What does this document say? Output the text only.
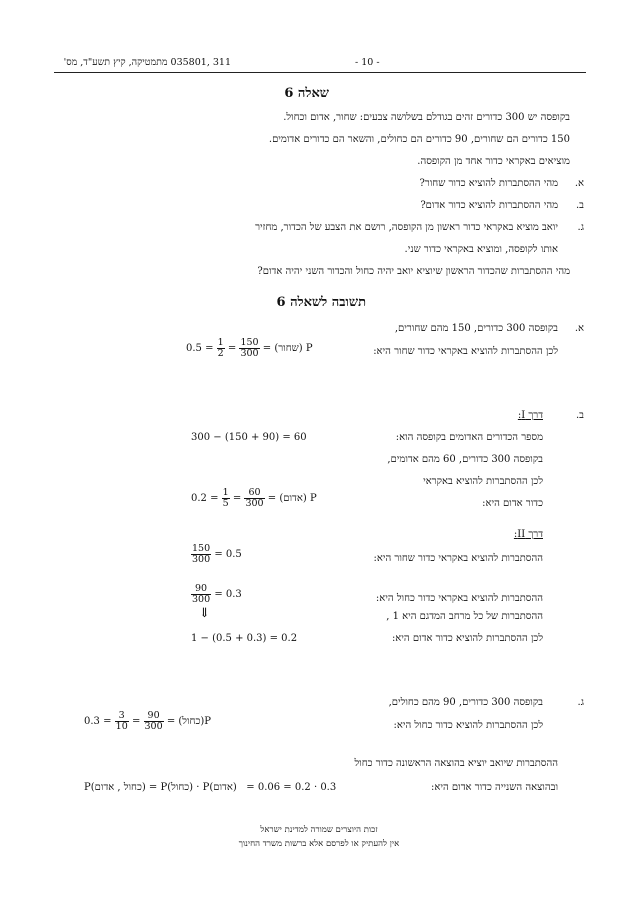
311 ,035801 מתמטיקה, קיץ תשע"ד, מס'	- 10 -
שאלה 6
בקופסה יש 300 כדורים זהים בגודלם בשלושה צבעים: שחור, אדום וכחול.
150 כדורים הם שחורים, 90 כדורים הם כחולים, והשאר הם כדורים אדומים.
מוציאים באקראי כדור אחד מן הקופסה.
א.
מהי ההסתברות להוציא כדור שחור?
ב.
מהי ההסתברות להוציא כדור אדום?
ג.
יואב מוציא באקראי כדור ראשון מן הקופסה, רושם את הצבע של הכדור, מחזיר
אותו לקופסה, ומוציא באקראי כדור שני.
מהי ההסתברות שהכדור הראשון שיוציא יואב יהיה כחול והכדור השני יהיה אדום?
תשובה לשאלה 6
א.
בקופסה 300 כדורים, 150 מהם שחורים,
לכן ההסתברות להוציא באקראי כדור שחור היא:
P (שחור) =
$\frac{150}{300}$
=
$\frac{1}{2}$
= 0.5
ב.
דרך I:
מספר הכדורים האדומים בקופסה הוא:
300 − (150 + 90) = 60
בקופסה 300 כדורים, 60 מהם אדומים,
לכן ההסתברות להוציא באקראי
כדור אדום היא:
P (אדום) =
$\frac{60}{300}$
=
$\frac{1}{5}$
= 0.2
דרך II:
ההסתברות להוציא באקראי כדור שחור היא:
$\frac{150}{300} = 0.5$
ההסתברות להוציא באקראי כדור כחול היא:
$\frac{90}{300} = 0.3$
ההסתברות של כל מרחב המדגם היא 1 ,
⇓
לכן ההסתברות להוציא כדור אדום היא:
1 − (0.5 + 0.3) = 0.2
ג.
בקופסה 300 כדורים, 90 מהם כחולים,
לכן ההסתברות להוציא כדור כחול היא:
P(כחול) =
$\frac{90}{300}$
=
$\frac{3}{10}$
= 0.3
ההסתברות שיואב יוציא בהוצאה הראשונה כדור כחול
ובהוצאה השנייה כדור אדום היא:
P(כחול , אדום) = P(כחול) · P(אדום)   = 0.3 · 0.2 = 0.06
זכות היוצרים שמורה למדינת ישראל
אין להעתיק או לפרסם אלא ברשות משרד החינוך
